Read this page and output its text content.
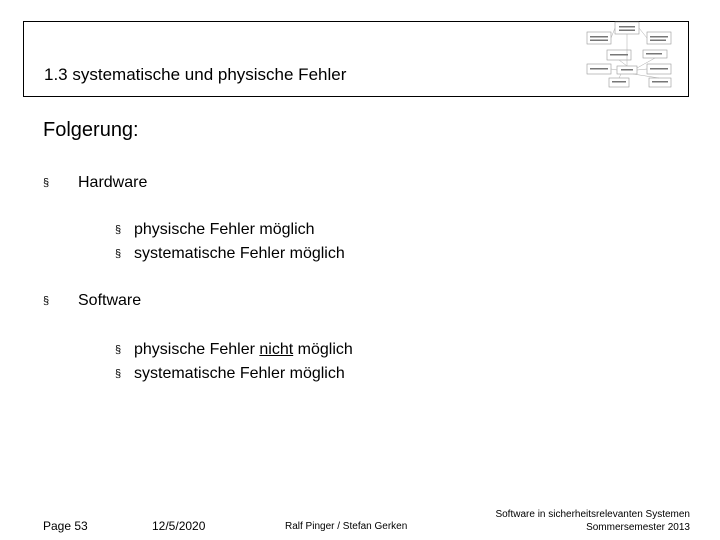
1.3 systematische und physische Fehler
Folgerung:
§ Hardware
§ physische Fehler möglich
§ systematische Fehler möglich
§ Software
§ physische Fehler nicht möglich
§ systematische Fehler möglich
Page 53	12/5/2020	Ralf Pinger / Stefan Gerken
Software in sicherheitsrelevanten Systemen
Sommersemester 2013
